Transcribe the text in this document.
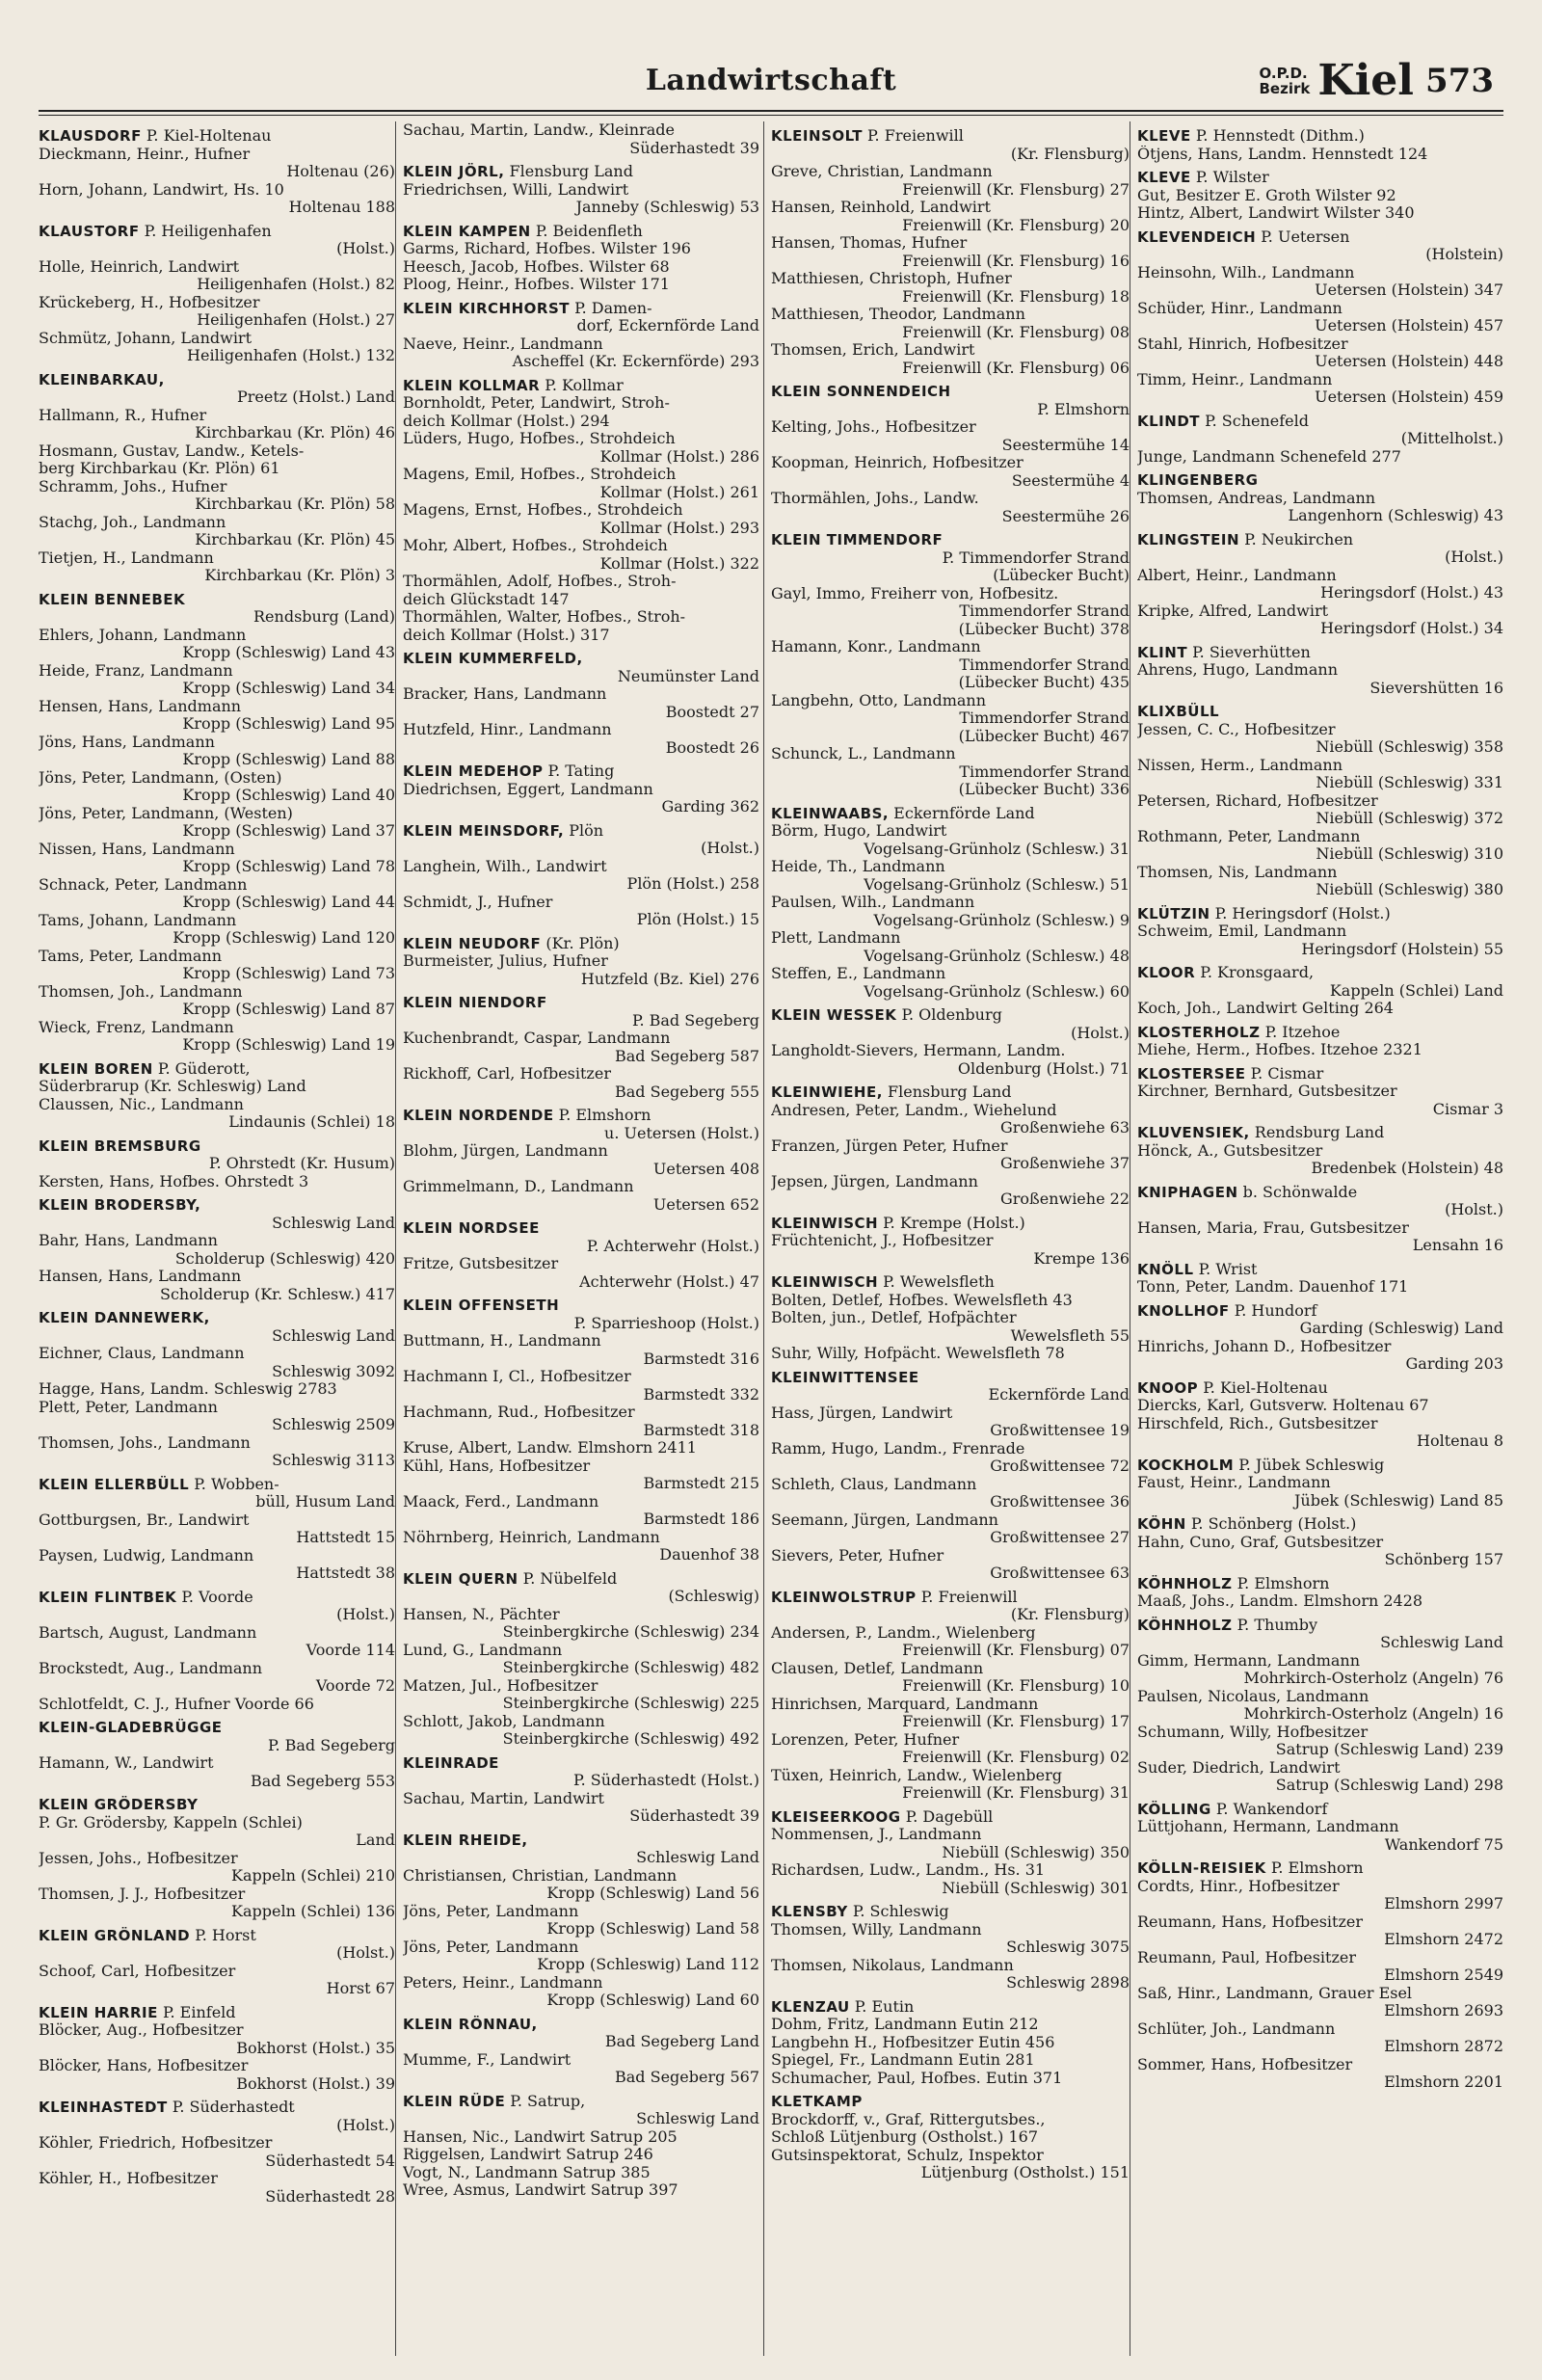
Landwirtschaft	O.P.D.
Bezirk Kiel 573
KLAUSDORF P. Kiel-Holtenau
Dieckmann, Heinr., Hufner
Holtenau (26)
Horn, Johann, Landwirt, Hs. 10
Holtenau 188
KLAUSTORF P. Heiligenhafen
(Holst.)
Holle, Heinrich, Landwirt
Heiligenhafen (Holst.) 82
Krückeberg, H., Hofbesitzer
Heiligenhafen (Holst.) 27
Schmütz, Johann, Landwirt
Heiligenhafen (Holst.) 132
KLEINBARKAU,
Preetz (Holst.) Land
Hallmann, R., Hufner
Kirchbarkau (Kr. Plön) 46
Hosmann, Gustav, Landw., Ketels-
berg Kirchbarkau (Kr. Plön) 61
Schramm, Johs., Hufner
Kirchbarkau (Kr. Plön) 58
Stachg, Joh., Landmann
Kirchbarkau (Kr. Plön) 45
Tietjen, H., Landmann
Kirchbarkau (Kr. Plön) 3
KLEIN BENNEBEK
Rendsburg (Land)
Ehlers, Johann, Landmann
Kropp (Schleswig) Land 43
Heide, Franz, Landmann
Kropp (Schleswig) Land 34
Hensen, Hans, Landmann
Kropp (Schleswig) Land 95
Jöns, Hans, Landmann
Kropp (Schleswig) Land 88
Jöns, Peter, Landmann, (Osten)
Kropp (Schleswig) Land 40
Jöns, Peter, Landmann, (Westen)
Kropp (Schleswig) Land 37
Nissen, Hans, Landmann
Kropp (Schleswig) Land 78
Schnack, Peter, Landmann
Kropp (Schleswig) Land 44
Tams, Johann, Landmann
Kropp (Schleswig) Land 120
Tams, Peter, Landmann
Kropp (Schleswig) Land 73
Thomsen, Joh., Landmann
Kropp (Schleswig) Land 87
Wieck, Frenz, Landmann
Kropp (Schleswig) Land 19
KLEIN BOREN P. Güderott,
Süderbrarup (Kr. Schleswig) Land
Claussen, Nic., Landmann
Lindaunis (Schlei) 18
KLEIN BREMSBURG
P. Ohrstedt (Kr. Husum)
Kersten, Hans, Hofbes. Ohrstedt 3
KLEIN BRODERSBY,
Schleswig Land
Bahr, Hans, Landmann
Scholderup (Schleswig) 420
Hansen, Hans, Landmann
Scholderup (Kr. Schlesw.) 417
KLEIN DANNEWERK,
Schleswig Land
Eichner, Claus, Landmann
Schleswig 3092
Hagge, Hans, Landm. Schleswig 2783
Plett, Peter, Landmann
Schleswig 2509
Thomsen, Johs., Landmann
Schleswig 3113
KLEIN ELLERBÜLL P. Wobben-
büll, Husum Land
Gottburgsen, Br., Landwirt
Hattstedt 15
Paysen, Ludwig, Landmann
Hattstedt 38
KLEIN FLINTBEK P. Voorde
(Holst.)
Bartsch, August, Landmann
Voorde 114
Brockstedt, Aug., Landmann
Voorde 72
Schlotfeldt, C. J., Hufner Voorde 66
KLEIN-GLADEBRÜGGE
P. Bad Segeberg
Hamann, W., Landwirt
Bad Segeberg 553
KLEIN GRÖDERSBY
P. Gr. Grödersby, Kappeln (Schlei)
Land
Jessen, Johs., Hofbesitzer
Kappeln (Schlei) 210
Thomsen, J. J., Hofbesitzer
Kappeln (Schlei) 136
KLEIN GRÖNLAND P. Horst
(Holst.)
Schoof, Carl, Hofbesitzer
Horst 67
KLEIN HARRIE P. Einfeld
Blöcker, Aug., Hofbesitzer
Bokhorst (Holst.) 35
Blöcker, Hans, Hofbesitzer
Bokhorst (Holst.) 39
KLEINHASTEDT P. Süderhastedt
(Holst.)
Köhler, Friedrich, Hofbesitzer
Süderhastedt 54
Köhler, H., Hofbesitzer
Süderhastedt 28
Sachau, Martin, Landw., Kleinrade
Süderhastedt 39
KLEIN JÖRL, Flensburg Land
Friedrichsen, Willi, Landwirt
Janneby (Schleswig) 53
KLEIN KAMPEN P. Beidenfleth
Garms, Richard, Hofbes. Wilster 196
Heesch, Jacob, Hofbes. Wilster 68
Ploog, Heinr., Hofbes. Wilster 171
KLEIN KIRCHHORST P. Damen-
dorf, Eckernförde Land
Naeve, Heinr., Landmann
Ascheffel (Kr. Eckernförde) 293
KLEIN KOLLMAR P. Kollmar
Bornholdt, Peter, Landwirt, Stroh-
deich Kollmar (Holst.) 294
Lüders, Hugo, Hofbes., Strohdeich
Kollmar (Holst.) 286
Magens, Emil, Hofbes., Strohdeich
Kollmar (Holst.) 261
Magens, Ernst, Hofbes., Strohdeich
Kollmar (Holst.) 293
Mohr, Albert, Hofbes., Strohdeich
Kollmar (Holst.) 322
Thormählen, Adolf, Hofbes., Stroh-
deich Glückstadt 147
Thormählen, Walter, Hofbes., Stroh-
deich Kollmar (Holst.) 317
KLEIN KUMMERFELD,
Neumünster Land
Bracker, Hans, Landmann
Boostedt 27
Hutzfeld, Hinr., Landmann
Boostedt 26
KLEIN MEDEHOP P. Tating
Diedrichsen, Eggert, Landmann
Garding 362
KLEIN MEINSDORF, Plön
(Holst.)
Langhein, Wilh., Landwirt
Plön (Holst.) 258
Schmidt, J., Hufner
Plön (Holst.) 15
KLEIN NEUDORF (Kr. Plön)
Burmeister, Julius, Hufner
Hutzfeld (Bz. Kiel) 276
KLEIN NIENDORF
P. Bad Segeberg
Kuchenbrandt, Caspar, Landmann
Bad Segeberg 587
Rickhoff, Carl, Hofbesitzer
Bad Segeberg 555
KLEIN NORDENDE P. Elmshorn
u. Uetersen (Holst.)
Blohm, Jürgen, Landmann
Uetersen 408
Grimmelmann, D., Landmann
Uetersen 652
KLEIN NORDSEE
P. Achterwehr (Holst.)
Fritze, Gutsbesitzer
Achterwehr (Holst.) 47
KLEIN OFFENSETH
P. Sparrieshoop (Holst.)
Buttmann, H., Landmann
Barmstedt 316
Hachmann I, Cl., Hofbesitzer
Barmstedt 332
Hachmann, Rud., Hofbesitzer
Barmstedt 318
Kruse, Albert, Landw. Elmshorn 2411
Kühl, Hans, Hofbesitzer
Barmstedt 215
Maack, Ferd., Landmann
Barmstedt 186
Nöhrnberg, Heinrich, Landmann
Dauenhof 38
KLEIN QUERN P. Nübelfeld
(Schleswig)
Hansen, N., Pächter
Steinbergkirche (Schleswig) 234
Lund, G., Landmann
Steinbergkirche (Schleswig) 482
Matzen, Jul., Hofbesitzer
Steinbergkirche (Schleswig) 225
Schlott, Jakob, Landmann
Steinbergkirche (Schleswig) 492
KLEINRADE
P. Süderhastedt (Holst.)
Sachau, Martin, Landwirt
Süderhastedt 39
KLEIN RHEIDE,
Schleswig Land
Christiansen, Christian, Landmann
Kropp (Schleswig) Land 56
Jöns, Peter, Landmann
Kropp (Schleswig) Land 58
Jöns, Peter, Landmann
Kropp (Schleswig) Land 112
Peters, Heinr., Landmann
Kropp (Schleswig) Land 60
KLEIN RÖNNAU,
Bad Segeberg Land
Mumme, F., Landwirt
Bad Segeberg 567
KLEIN RÜDE P. Satrup,
Schleswig Land
Hansen, Nic., Landwirt Satrup 205
Riggelsen, Landwirt Satrup 246
Vogt, N., Landmann Satrup 385
Wree, Asmus, Landwirt Satrup 397
KLEINSOLT P. Freienwill
(Kr. Flensburg)
Greve, Christian, Landmann
Freienwill (Kr. Flensburg) 27
Hansen, Reinhold, Landwirt
Freienwill (Kr. Flensburg) 20
Hansen, Thomas, Hufner
Freienwill (Kr. Flensburg) 16
Matthiesen, Christoph, Hufner
Freienwill (Kr. Flensburg) 18
Matthiesen, Theodor, Landmann
Freienwill (Kr. Flensburg) 08
Thomsen, Erich, Landwirt
Freienwill (Kr. Flensburg) 06
KLEIN SONNENDEICH
P. Elmshorn
Kelting, Johs., Hofbesitzer
Seestermühe 14
Koopman, Heinrich, Hofbesitzer
Seestermühe 4
Thormählen, Johs., Landw.
Seestermühe 26
KLEIN TIMMENDORF
P. Timmendorfer Strand
(Lübecker Bucht)
Gayl, Immo, Freiherr von, Hofbesitz.
Timmendorfer Strand
(Lübecker Bucht) 378
Hamann, Konr., Landmann
Timmendorfer Strand
(Lübecker Bucht) 435
Langbehn, Otto, Landmann
Timmendorfer Strand
(Lübecker Bucht) 467
Schunck, L., Landmann
Timmendorfer Strand
(Lübecker Bucht) 336
KLEINWAABS, Eckernförde Land
Börm, Hugo, Landwirt
Vogelsang-Grünholz (Schlesw.) 31
Heide, Th., Landmann
Vogelsang-Grünholz (Schlesw.) 51
Paulsen, Wilh., Landmann
Vogelsang-Grünholz (Schlesw.) 9
Plett, Landmann
Vogelsang-Grünholz (Schlesw.) 48
Steffen, E., Landmann
Vogelsang-Grünholz (Schlesw.) 60
KLEIN WESSEK P. Oldenburg
(Holst.)
Langholdt-Sievers, Hermann, Landm.
Oldenburg (Holst.) 71
KLEINWIEHE, Flensburg Land
Andresen, Peter, Landm., Wiehelund
Großenwiehe 63
Franzen, Jürgen Peter, Hufner
Großenwiehe 37
Jepsen, Jürgen, Landmann
Großenwiehe 22
KLEINWISCH P. Krempe (Holst.)
Früchtenicht, J., Hofbesitzer
Krempe 136
KLEINWISCH P. Wewelsfleth
Bolten, Detlef, Hofbes. Wewelsfleth 43
Bolten, jun., Detlef, Hofpächter
Wewelsfleth 55
Suhr, Willy, Hofpächt. Wewelsfleth 78
KLEINWITTENSEE
Eckernförde Land
Hass, Jürgen, Landwirt
Großwittensee 19
Ramm, Hugo, Landm., Frenrade
Großwittensee 72
Schleth, Claus, Landmann
Großwittensee 36
Seemann, Jürgen, Landmann
Großwittensee 27
Sievers, Peter, Hufner
Großwittensee 63
KLEINWOLSTRUP P. Freienwill
(Kr. Flensburg)
Andersen, P., Landm., Wielenberg
Freienwill (Kr. Flensburg) 07
Clausen, Detlef, Landmann
Freienwill (Kr. Flensburg) 10
Hinrichsen, Marquard, Landmann
Freienwill (Kr. Flensburg) 17
Lorenzen, Peter, Hufner
Freienwill (Kr. Flensburg) 02
Tüxen, Heinrich, Landw., Wielenberg
Freienwill (Kr. Flensburg) 31
KLEISEERKOOG P. Dagebüll
Nommensen, J., Landmann
Niebüll (Schleswig) 350
Richardsen, Ludw., Landm., Hs. 31
Niebüll (Schleswig) 301
KLENSBY P. Schleswig
Thomsen, Willy, Landmann
Schleswig 3075
Thomsen, Nikolaus, Landmann
Schleswig 2898
KLENZAU P. Eutin
Dohm, Fritz, Landmann Eutin 212
Langbehn H., Hofbesitzer Eutin 456
Spiegel, Fr., Landmann Eutin 281
Schumacher, Paul, Hofbes. Eutin 371
KLETKAMP
Brockdorff, v., Graf, Rittergutsbes.,
Schloß Lütjenburg (Ostholst.) 167
Gutsinspektorat, Schulz, Inspektor
Lütjenburg (Ostholst.) 151
KLEVE P. Hennstedt (Dithm.)
Ötjens, Hans, Landm. Hennstedt 124
KLEVE P. Wilster
Gut, Besitzer E. Groth Wilster 92
Hintz, Albert, Landwirt Wilster 340
KLEVENDEICH P. Uetersen
(Holstein)
Heinsohn, Wilh., Landmann
Uetersen (Holstein) 347
Schüder, Hinr., Landmann
Uetersen (Holstein) 457
Stahl, Hinrich, Hofbesitzer
Uetersen (Holstein) 448
Timm, Heinr., Landmann
Uetersen (Holstein) 459
KLINDT P. Schenefeld
(Mittelholst.)
Junge, Landmann Schenefeld 277
KLINGENBERG
Thomsen, Andreas, Landmann
Langenhorn (Schleswig) 43
KLINGSTEIN P. Neukirchen
(Holst.)
Albert, Heinr., Landmann
Heringsdorf (Holst.) 43
Kripke, Alfred, Landwirt
Heringsdorf (Holst.) 34
KLINT P. Sieverhütten
Ahrens, Hugo, Landmann
Sievershütten 16
KLIXBÜLL
Jessen, C. C., Hofbesitzer
Niebüll (Schleswig) 358
Nissen, Herm., Landmann
Niebüll (Schleswig) 331
Petersen, Richard, Hofbesitzer
Niebüll (Schleswig) 372
Rothmann, Peter, Landmann
Niebüll (Schleswig) 310
Thomsen, Nis, Landmann
Niebüll (Schleswig) 380
KLÜTZIN P. Heringsdorf (Holst.)
Schweim, Emil, Landmann
Heringsdorf (Holstein) 55
KLOOR P. Kronsgaard,
Kappeln (Schlei) Land
Koch, Joh., Landwirt Gelting 264
KLOSTERHOLZ P. Itzehoe
Miehe, Herm., Hofbes. Itzehoe 2321
KLOSTERSEE P. Cismar
Kirchner, Bernhard, Gutsbesitzer
Cismar 3
KLUVENSIEK, Rendsburg Land
Hönck, A., Gutsbesitzer
Bredenbek (Holstein) 48
KNIPHAGEN b. Schönwalde
(Holst.)
Hansen, Maria, Frau, Gutsbesitzer
Lensahn 16
KNÖLL P. Wrist
Tonn, Peter, Landm. Dauenhof 171
KNOLLHOF P. Hundorf
Garding (Schleswig) Land
Hinrichs, Johann D., Hofbesitzer
Garding 203
KNOOP P. Kiel-Holtenau
Diercks, Karl, Gutsverw. Holtenau 67
Hirschfeld, Rich., Gutsbesitzer
Holtenau 8
KOCKHOLM P. Jübek Schleswig
Faust, Heinr., Landmann
Jübek (Schleswig) Land 85
KÖHN P. Schönberg (Holst.)
Hahn, Cuno, Graf, Gutsbesitzer
Schönberg 157
KÖHNHOLZ P. Elmshorn
Maaß, Johs., Landm. Elmshorn 2428
KÖHNHOLZ P. Thumby
Schleswig Land
Gimm, Hermann, Landmann
Mohrkirch-Osterholz (Angeln) 76
Paulsen, Nicolaus, Landmann
Mohrkirch-Osterholz (Angeln) 16
Schumann, Willy, Hofbesitzer
Satrup (Schleswig Land) 239
Suder, Diedrich, Landwirt
Satrup (Schleswig Land) 298
KÖLLING P. Wankendorf
Lüttjohann, Hermann, Landmann
Wankendorf 75
KÖLLN-REISIEK P. Elmshorn
Cordts, Hinr., Hofbesitzer
Elmshorn 2997
Reumann, Hans, Hofbesitzer
Elmshorn 2472
Reumann, Paul, Hofbesitzer
Elmshorn 2549
Saß, Hinr., Landmann, Grauer Esel
Elmshorn 2693
Schlüter, Joh., Landmann
Elmshorn 2872
Sommer, Hans, Hofbesitzer
Elmshorn 2201
